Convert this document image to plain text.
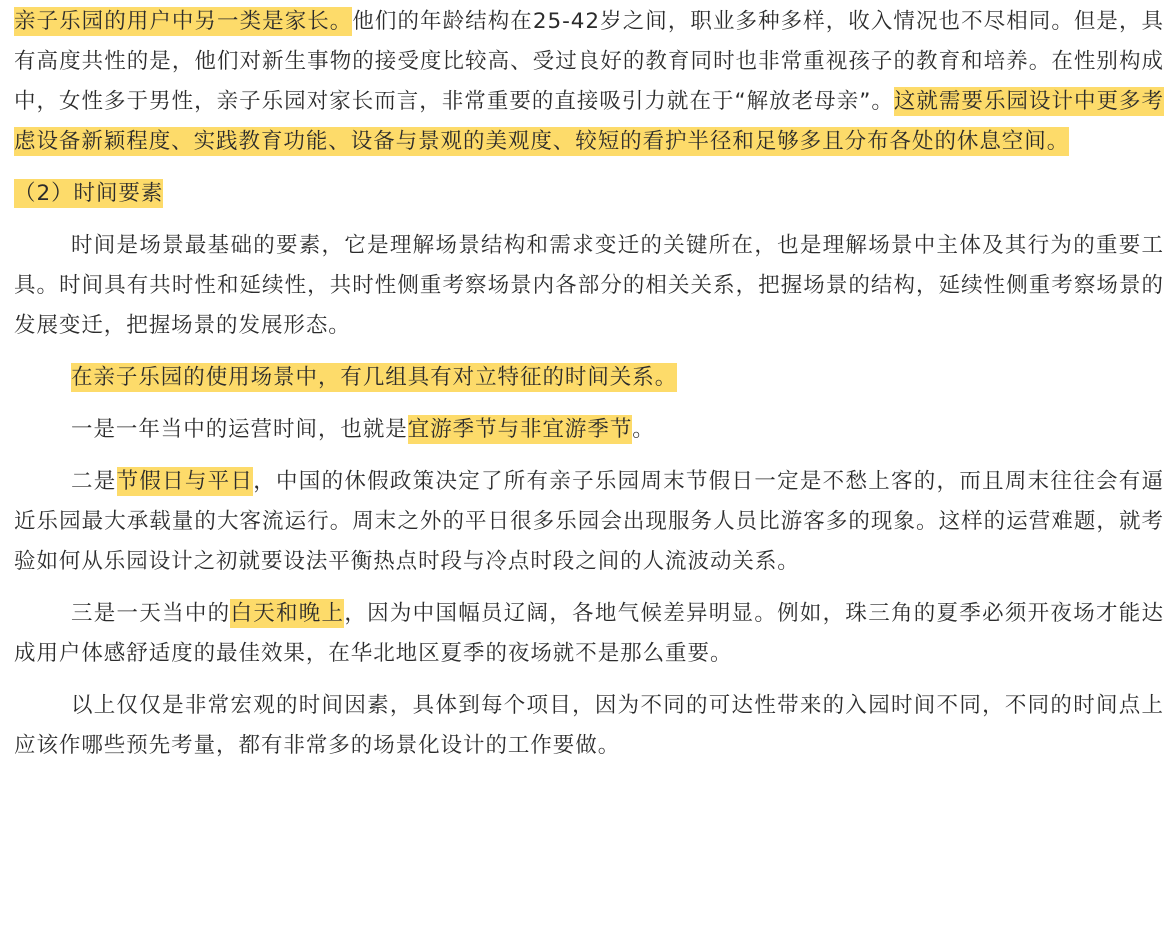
亲子乐园的用户中另一类是家长。他们的年龄结构在25-42岁之间，职业多种多样，收入情况也不尽相同。但是，具有高度共性的是，他们对新生事物的接受度比较高、受过良好的教育同时也非常重视孩子的教育和培养。在性别构成中，女性多于男性，亲子乐园对家长而言，非常重要的直接吸引力就在于“解放老母亲”。这就需要乐园设计中更多考虑设备新颖程度、实践教育功能、设备与景观的美观度、较短的看护半径和足够多且分布各处的休息空间。

（2）时间要素

时间是场景最基础的要素，它是理解场景结构和需求变迁的关键所在，也是理解场景中主体及其行为的重要工具。时间具有共时性和延续性，共时性侧重考察场景内各部分的相关关系，把握场景的结构，延续性侧重考察场景的发展变迁，把握场景的发展形态。

在亲子乐园的使用场景中，有几组具有对立特征的时间关系。

一是一年当中的运营时间，也就是宜游季节与非宜游季节。

二是节假日与平日，中国的休假政策决定了所有亲子乐园周末节假日一定是不愁上客的，而且周末往往会有逼近乐园最大承载量的大客流运行。周末之外的平日很多乐园会出现服务人员比游客多的现象。这样的运营难题，就考验如何从乐园设计之初就要设法平衡热点时段与冷点时段之间的人流波动关系。

三是一天当中的白天和晚上，因为中国幅员辽阔，各地气候差异明显。例如，珠三角的夏季必须开夜场才能达成用户体感舒适度的最佳效果，在华北地区夏季的夜场就不是那么重要。

以上仅仅是非常宏观的时间因素，具体到每个项目，因为不同的可达性带来的入园时间不同，不同的时间点上应该作哪些预先考量，都有非常多的场景化设计的工作要做。
